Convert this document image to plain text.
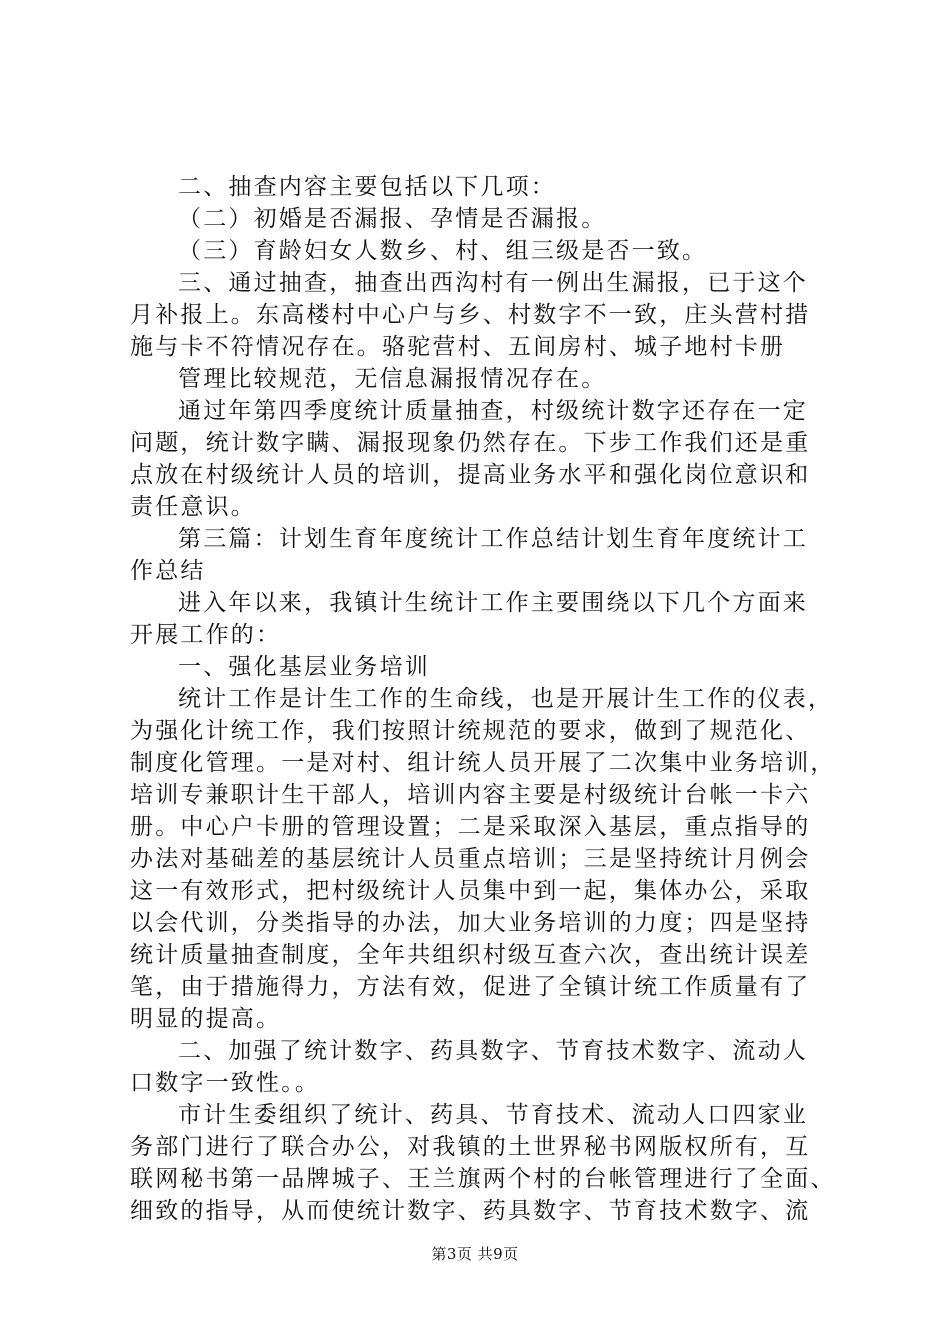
二、抽查内容主要包括以下几项：
（二）初婚是否漏报、孕情是否漏报。
（三）育龄妇女人数乡、村、组三级是否一致。
三、通过抽查，抽查出西沟村有一例出生漏报，已于这个
月补报上。东高楼村中心户与乡、村数字不一致，庄头营村措
施与卡不符情况存在。骆驼营村、五间房村、城子地村卡册
管理比较规范，无信息漏报情况存在。
通过年第四季度统计质量抽查，村级统计数字还存在一定
问题，统计数字瞒、漏报现象仍然存在。下步工作我们还是重
点放在村级统计人员的培训，提高业务水平和强化岗位意识和
责任意识。
第三篇：计划生育年度统计工作总结计划生育年度统计工
作总结
进入年以来，我镇计生统计工作主要围绕以下几个方面来
开展工作的：
一、强化基层业务培训
统计工作是计生工作的生命线，也是开展计生工作的仪表，
为强化计统工作，我们按照计统规范的要求，做到了规范化、
制度化管理。一是对村、组计统人员开展了二次集中业务培训，
培训专兼职计生干部人，培训内容主要是村级统计台帐一卡六
册。中心户卡册的管理设置；二是采取深入基层，重点指导的
办法对基础差的基层统计人员重点培训；三是坚持统计月例会
这一有效形式，把村级统计人员集中到一起，集体办公，采取
以会代训，分类指导的办法，加大业务培训的力度；四是坚持
统计质量抽查制度，全年共组织村级互查六次，查出统计误差
笔，由于措施得力，方法有效，促进了全镇计统工作质量有了
明显的提高。
二、加强了统计数字、药具数字、节育技术数字、流动人
口数字一致性。。
市计生委组织了统计、药具、节育技术、流动人口四家业
务部门进行了联合办公，对我镇的土世界秘书网版权所有，互
联网秘书第一品牌城子、王兰旗两个村的台帐管理进行了全面、
细致的指导，从而使统计数字、药具数字、节育技术数字、流
第3页 共9页
